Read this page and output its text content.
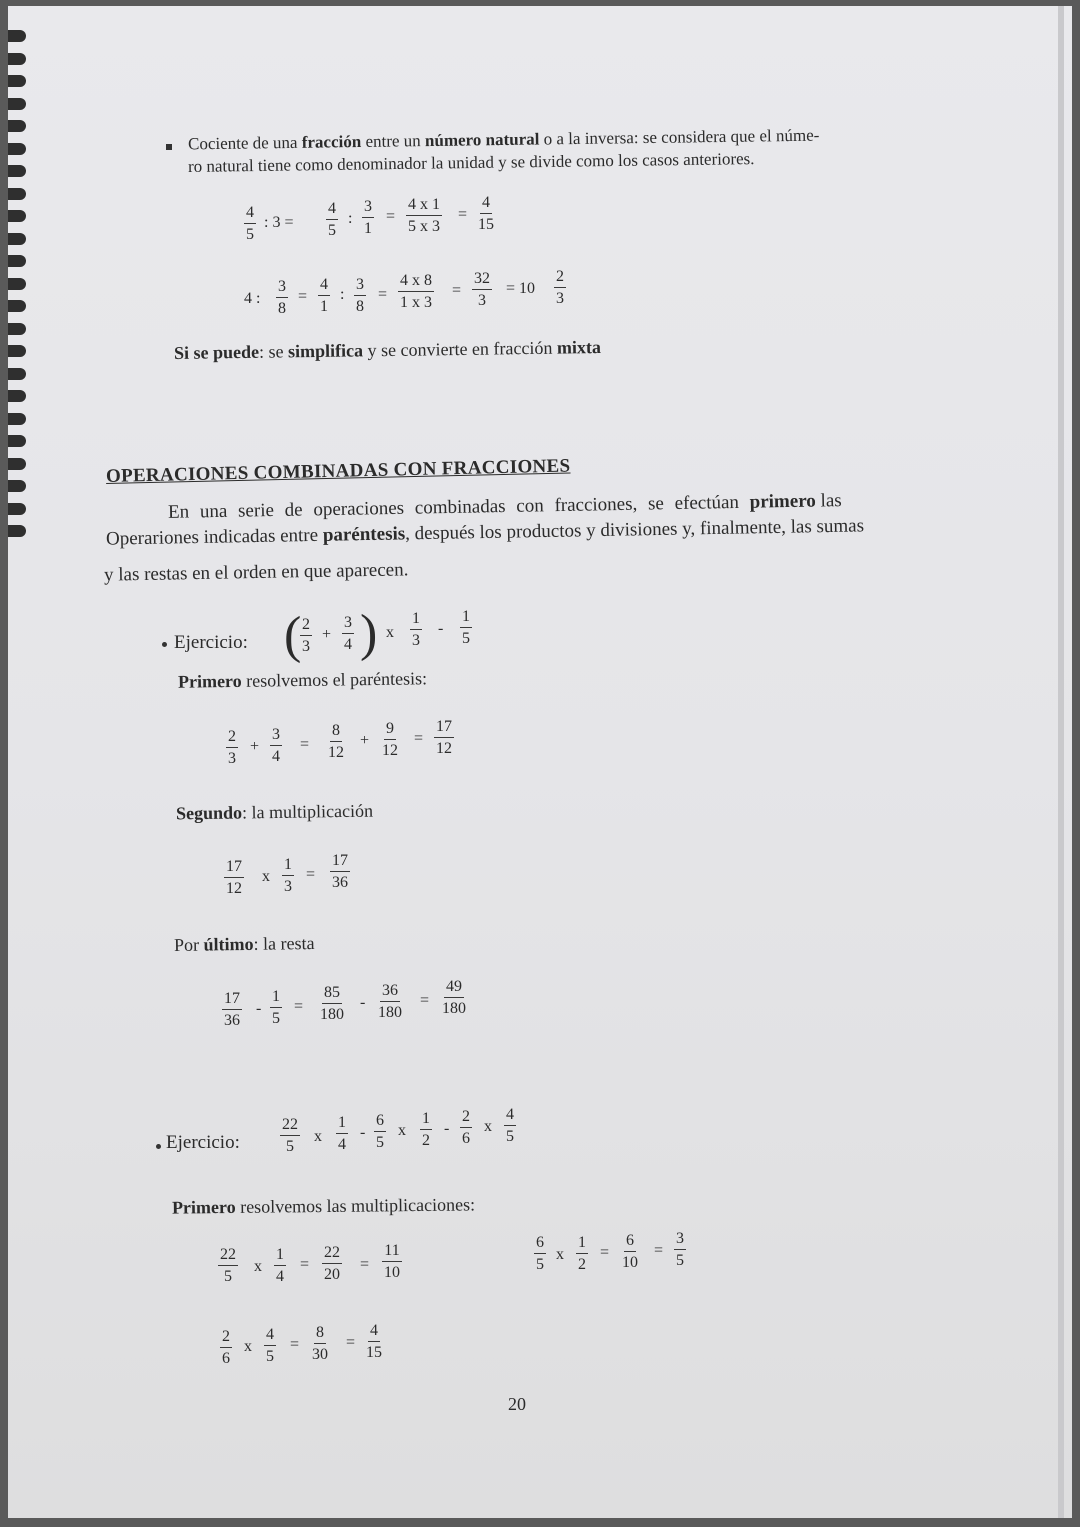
Cociente de una fracción entre un número natural o a la inversa: se considera que el núme-
ro natural tiene como denominador la unidad y se divide como los casos anteriores.
4
5
: 3 =
4
5
:
3
1
=
4 x 1
5 x 3
=
4
15
4 :
3
8
=
4
1
:
3
8
=
4 x 8
1 x 3
=
32
3
= 10
2
3
Si se puede: se simplifica y se convierte en fracción mixta
OPERACIONES COMBINADAS CON FRACCIONES
En una serie de operaciones combinadas con fracciones, se efectúan primero las
Operariones indicadas entre paréntesis, después los productos y divisiones y, finalmente, las sumas
y las restas en el orden en que aparecen.
Ejercicio: ( 2
3
+
3
4 ) x
1
3
-
1
5
Primero resolvemos el paréntesis:
2
3
+
3
4
=
8
12
+
9
12
=
17
12
Segundo: la multiplicación
17
12
x
1
3
=
17
36
Por último: la resta
17
36
-
1
5
=
85
180
-
36
180
=
49
180
Ejercicio:
22
5
x
1
4
-
6
5
x
1
2
-
2
6
x
4
5
Primero resolvemos las multiplicaciones:
22
5
x
1
4
=
22
20
=
11
10
6
5
x
1
2
=
6
10
=
3
5
2
6
x
4
5
=
8
30
=
4
15
20
